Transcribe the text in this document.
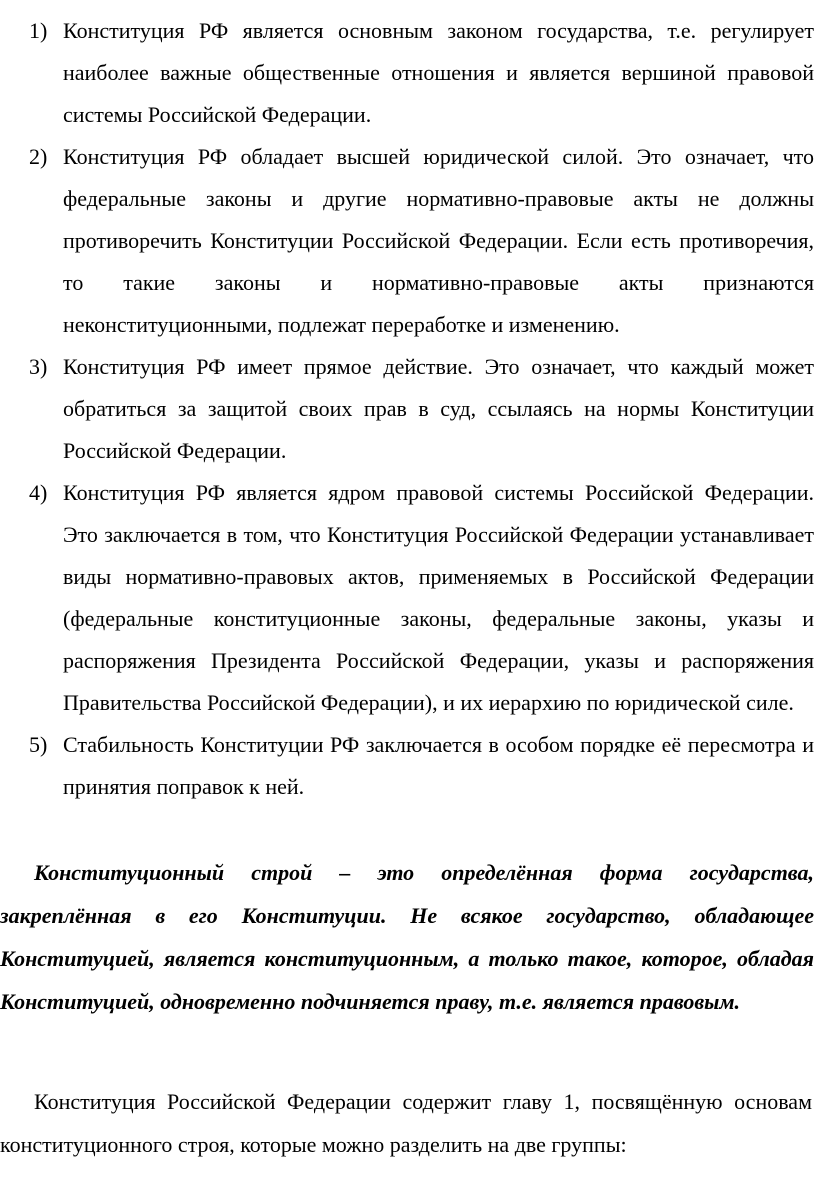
1) Конституция РФ является основным законом государства, т.е. регулирует наиболее важные общественные отношения и является вершиной правовой системы Российской Федерации.
2) Конституция РФ обладает высшей юридической силой. Это означает, что федеральные законы и другие нормативно-правовые акты не должны противоречить Конституции Российской Федерации. Если есть противоречия, то такие законы и нормативно-правовые акты признаются неконституционными, подлежат переработке и изменению.
3) Конституция РФ имеет прямое действие. Это означает, что каждый может обратиться за защитой своих прав в суд, ссылаясь на нормы Конституции Российской Федерации.
4) Конституция РФ является ядром правовой системы Российской Федерации. Это заключается в том, что Конституция Российской Федерации устанавливает виды нормативно-правовых актов, применяемых в Российской Федерации (федеральные конституционные законы, федеральные законы, указы и распоряжения Президента Российской Федерации, указы и распоряжения Правительства Российской Федерации), и их иерархию по юридической силе.
5) Стабильность Конституции РФ заключается в особом порядке её пересмотра и принятия поправок к ней.

Конституционный строй – это определённая форма государства, закреплённая в его Конституции. Не всякое государство, обладающее Конституцией, является конституционным, а только такое, которое, обладая Конституцией, одновременно подчиняется праву, т.е. является правовым.

Конституция Российской Федерации содержит главу 1, посвящённую основам конституционного строя, которые можно разделить на две группы:
